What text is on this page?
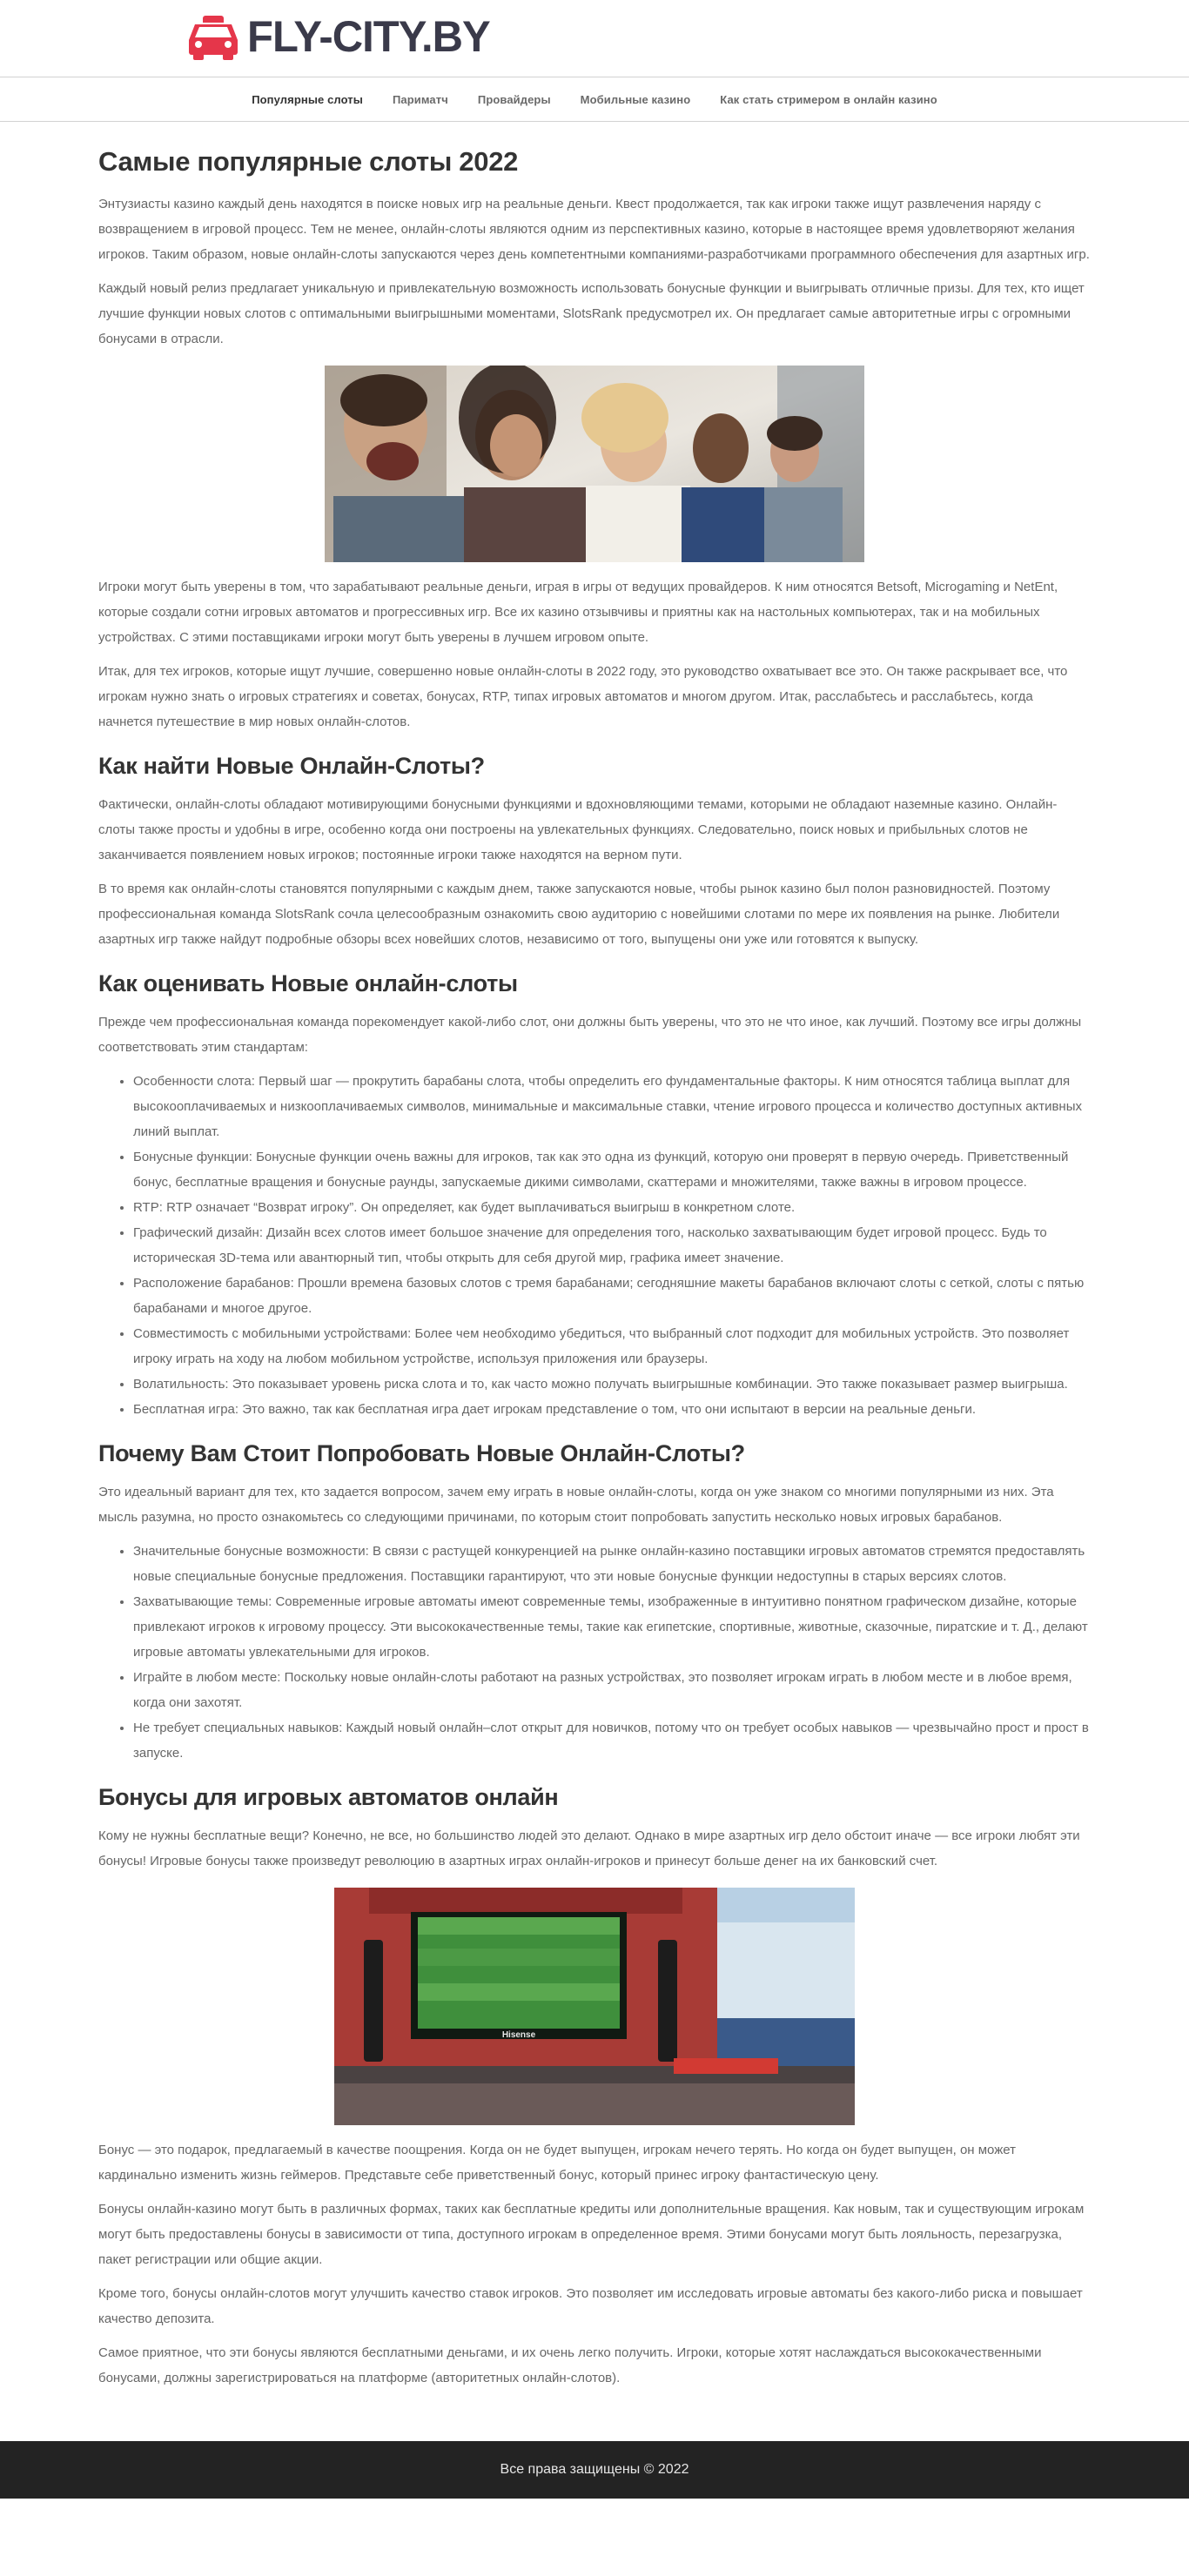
FLY-CITY.BY
Популярные слоты	Париматч	Провайдеры	Мобильные казино	Как стать стримером в онлайн казино
Самые популярные слоты 2022

Энтузиасты казино каждый день находятся в поиске новых игр на реальные деньги. Квест продолжается, так как игроки также ищут развлечения наряду с возвращением в игровой процесс. Тем не менее, онлайн-слоты являются одним из перспективных казино, которые в настоящее время удовлетворяют желания игроков. Таким образом, новые онлайн-слоты запускаются через день компетентными компаниями-разработчиками программного обеспечения для азартных игр.

Каждый новый релиз предлагает уникальную и привлекательную возможность использовать бонусные функции и выигрывать отличные призы. Для тех, кто ищет лучшие функции новых слотов с оптимальными выигрышными моментами, SlotsRank предусмотрел их. Он предлагает самые авторитетные игры с огромными бонусами в отрасли.

Игроки могут быть уверены в том, что зарабатывают реальные деньги, играя в игры от ведущих провайдеров. К ним относятся Betsoft, Microgaming и NetEnt, которые создали сотни игровых автоматов и прогрессивных игр. Все их казино отзывчивы и приятны как на настольных компьютерах, так и на мобильных устройствах. С этими поставщиками игроки могут быть уверены в лучшем игровом опыте.

Итак, для тех игроков, которые ищут лучшие, совершенно новые онлайн-слоты в 2022 году, это руководство охватывает все это. Он также раскрывает все, что игрокам нужно знать о игровых стратегиях и советах, бонусах, RTP, типах игровых автоматов и многом другом. Итак, расслабьтесь и расслабьтесь, когда начнется путешествие в мир новых онлайн-слотов.

Как найти Новые Онлайн-Слоты?

Фактически, онлайн-слоты обладают мотивирующими бонусными функциями и вдохновляющими темами, которыми не обладают наземные казино. Онлайн-слоты также просты и удобны в игре, особенно когда они построены на увлекательных функциях. Следовательно, поиск новых и прибыльных слотов не заканчивается появлением новых игроков; постоянные игроки также находятся на верном пути.

В то время как онлайн-слоты становятся популярными с каждым днем, также запускаются новые, чтобы рынок казино был полон разновидностей. Поэтому профессиональная команда SlotsRank сочла целесообразным ознакомить свою аудиторию с новейшими слотами по мере их появления на рынке. Любители азартных игр также найдут подробные обзоры всех новейших слотов, независимо от того, выпущены они уже или готовятся к выпуску.

Как оценивать Новые онлайн-слоты

Прежде чем профессиональная команда порекомендует какой-либо слот, они должны быть уверены, что это не что иное, как лучший. Поэтому все игры должны соответствовать этим стандартам:

• Особенности слота: Первый шаг — прокрутить барабаны слота, чтобы определить его фундаментальные факторы. К ним относятся таблица выплат для высокооплачиваемых и низкооплачиваемых символов, минимальные и максимальные ставки, чтение игрового процесса и количество доступных активных линий выплат.
• Бонусные функции: Бонусные функции очень важны для игроков, так как это одна из функций, которую они проверят в первую очередь. Приветственный бонус, бесплатные вращения и бонусные раунды, запускаемые дикими символами, скаттерами и множителями, также важны в игровом процессе.
• RTP: RTP означает “Возврат игроку”. Он определяет, как будет выплачиваться выигрыш в конкретном слоте.
• Графический дизайн: Дизайн всех слотов имеет большое значение для определения того, насколько захватывающим будет игровой процесс. Будь то историческая 3D-тема или авантюрный тип, чтобы открыть для себя другой мир, графика имеет значение.
• Расположение барабанов: Прошли времена базовых слотов с тремя барабанами; сегодняшние макеты барабанов включают слоты с сеткой, слоты с пятью барабанами и многое другое.
• Совместимость с мобильными устройствами: Более чем необходимо убедиться, что выбранный слот подходит для мобильных устройств. Это позволяет игроку играть на ходу на любом мобильном устройстве, используя приложения или браузеры.
• Волатильность: Это показывает уровень риска слота и то, как часто можно получать выигрышные комбинации. Это также показывает размер выигрыша.
• Бесплатная игра: Это важно, так как бесплатная игра дает игрокам представление о том, что они испытают в версии на реальные деньги.
Почему Вам Стоит Попробовать Новые Онлайн-Слоты?

Это идеальный вариант для тех, кто задается вопросом, зачем ему играть в новые онлайн-слоты, когда он уже знаком со многими популярными из них. Эта мысль разумна, но просто ознакомьтесь со следующими причинами, по которым стоит попробовать запустить несколько новых игровых барабанов.

• Значительные бонусные возможности: В связи с растущей конкуренцией на рынке онлайн-казино поставщики игровых автоматов стремятся предоставлять новые специальные бонусные предложения. Поставщики гарантируют, что эти новые бонусные функции недоступны в старых версиях слотов.
• Захватывающие темы: Современные игровые автоматы имеют современные темы, изображенные в интуитивно понятном графическом дизайне, которые привлекают игроков к игровому процессу. Эти высококачественные темы, такие как египетские, спортивные, животные, сказочные, пиратские и т. Д., делают игровые автоматы увлекательными для игроков.
• Играйте в любом месте: Поскольку новые онлайн-слоты работают на разных устройствах, это позволяет игрокам играть в любом месте и в любое время, когда они захотят.
• Не требует специальных навыков: Каждый новый онлайн–слот открыт для новичков, потому что он требует особых навыков — чрезвычайно прост и прост в запуске.
Бонусы для игровых автоматов онлайн

Кому не нужны бесплатные вещи? Конечно, не все, но большинство людей это делают. Однако в мире азартных игр дело обстоит иначе — все игроки любят эти бонусы! Игровые бонусы также произведут революцию в азартных играх онлайн-игроков и принесут больше денег на их банковский счет.

Hisense

Бонус — это подарок, предлагаемый в качестве поощрения. Когда он не будет выпущен, игрокам нечего терять. Но когда он будет выпущен, он может кардинально изменить жизнь геймеров. Представьте себе приветственный бонус, который принес игроку фантастическую цену.

Бонусы онлайн-казино могут быть в различных формах, таких как бесплатные кредиты или дополнительные вращения. Как новым, так и существующим игрокам могут быть предоставлены бонусы в зависимости от типа, доступного игрокам в определенное время. Этими бонусами могут быть лояльность, перезагрузка, пакет регистрации или общие акции.

Кроме того, бонусы онлайн-слотов могут улучшить качество ставок игроков. Это позволяет им исследовать игровые автоматы без какого-либо риска и повышает качество депозита.

Самое приятное, что эти бонусы являются бесплатными деньгами, и их очень легко получить. Игроки, которые хотят наслаждаться высококачественными бонусами, должны зарегистрироваться на платформе (авторитетных онлайн-слотов).

Все права защищены © 2022
